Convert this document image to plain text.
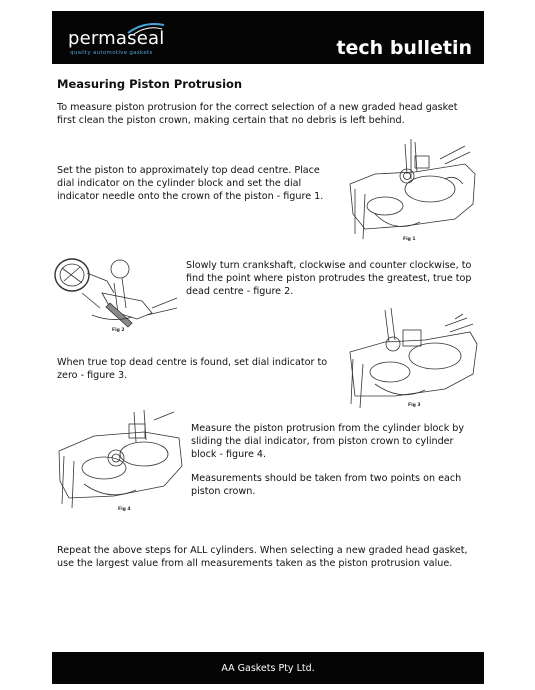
permaseal
quality automotive gaskets	tech bulletin
Measuring Piston Protrusion
To measure piston protrusion for the correct selection of a new graded head gasket first clean the piston crown, making certain that no debris is left behind.
Set the piston to approximately top dead centre. Place dial indicator on the cylinder block and set the dial indicator needle onto the crown of the piston - figure 1.
Fig 1
Fig 2
Slowly turn crankshaft, clockwise and counter clockwise, to find the point where piston protrudes the greatest, true top dead centre - figure 2.
Fig 3
When true top dead centre is found, set dial indicator to zero - figure 3.
Fig 4
Measure the piston protrusion from the cylinder block by sliding the dial indicator, from piston crown to cylinder block - figure 4.
Measurements should be taken from two points on each piston crown.
Repeat the above steps for ALL cylinders. When selecting a new graded head gasket, use the largest value from all measurements taken as the piston protrusion value.
AA Gaskets Pty Ltd.
